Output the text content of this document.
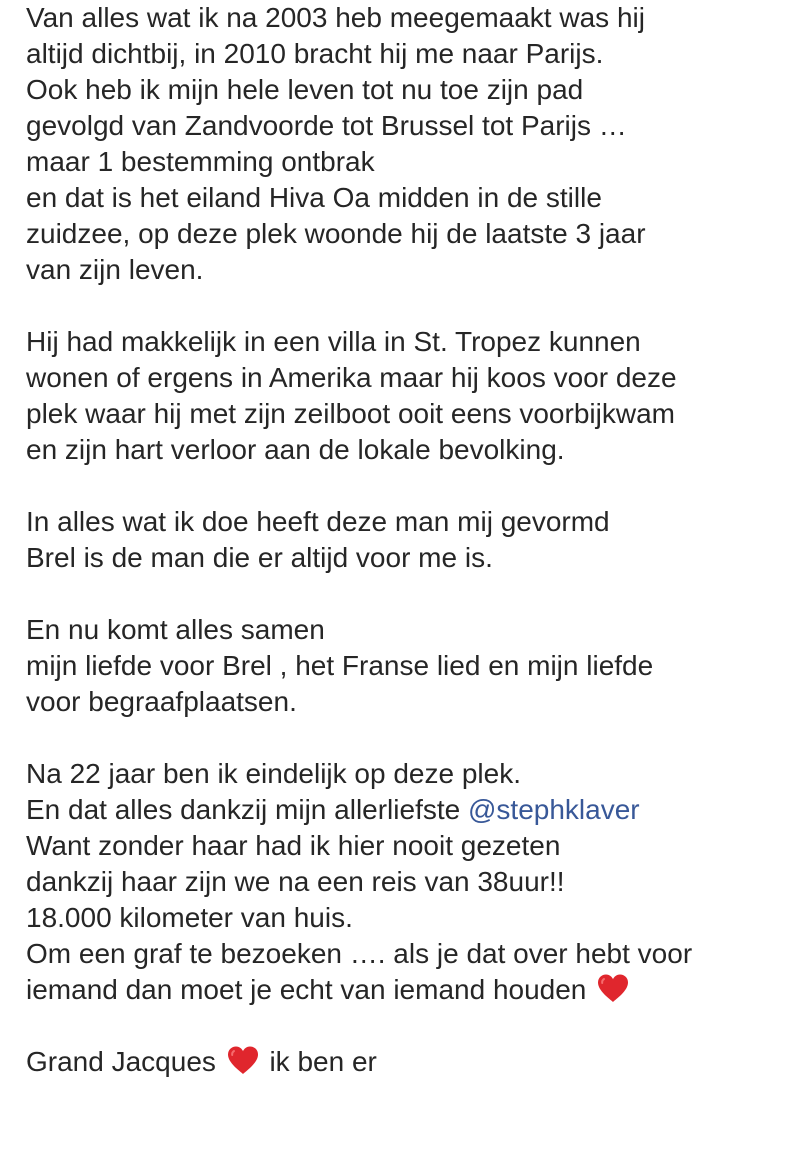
Van alles wat ik na 2003 heb meegemaakt was hij
altijd dichtbij, in 2010 bracht hij me naar Parijs.
Ook heb ik mijn hele leven tot nu toe zijn pad
gevolgd van Zandvoorde tot Brussel tot Parijs …
maar 1 bestemming ontbrak
en dat is het eiland Hiva Oa midden in de stille
zuidzee, op deze plek woonde hij de laatste 3 jaar
van zijn leven.
Hij had makkelijk in een villa in St. Tropez kunnen
wonen of ergens in Amerika maar hij koos voor deze
plek waar hij met zijn zeilboot ooit eens voorbijkwam
en zijn hart verloor aan de lokale bevolking.
In alles wat ik doe heeft deze man mij gevormd
Brel is de man die er altijd voor me is.
En nu komt alles samen
mijn liefde voor Brel , het Franse lied en mijn liefde
voor begraafplaatsen.
Na 22 jaar ben ik eindelijk op deze plek.
En dat alles dankzij mijn allerliefste @stephklaver
Want zonder haar had ik hier nooit gezeten
dankzij haar zijn we na een reis van 38uur!!
18.000 kilometer van huis.
Om een graf te bezoeken …. als je dat over hebt voor
iemand dan moet je echt van iemand houden
Grand Jacques ik ben er
